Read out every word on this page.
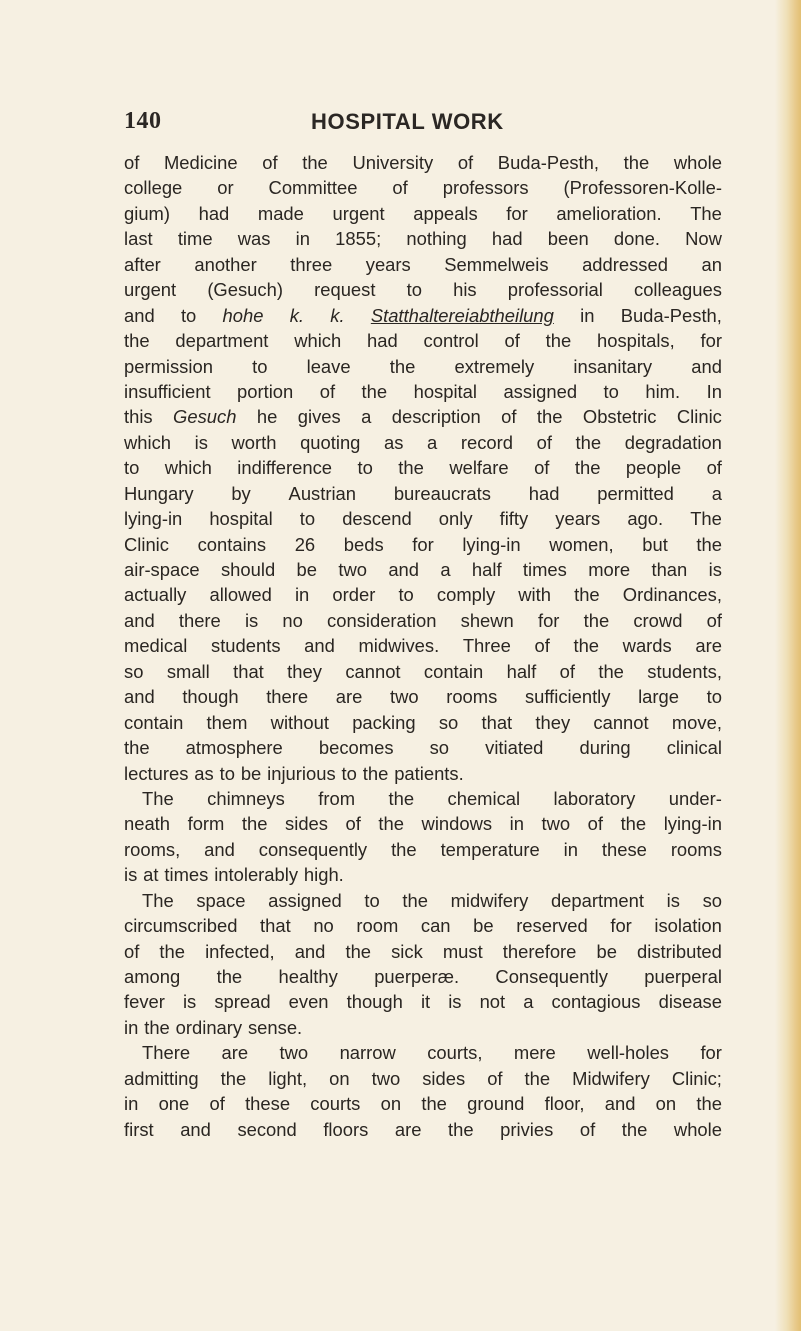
140	HOSPITAL WORK
of Medicine of the University of Buda-Pesth, the whole
college or Committee of professors (Professoren-Kolle-
gium) had made urgent appeals for amelioration. The
last time was in 1855; nothing had been done. Now
after another three years Semmelweis addressed an
urgent (Gesuch) request to his professorial colleagues
and to hohe k. k. Statthaltereiabtheilung in Buda-Pesth,
the department which had control of the hospitals, for
permission to leave the extremely insanitary and
insufficient portion of the hospital assigned to him. In
this Gesuch he gives a description of the Obstetric Clinic
which is worth quoting as a record of the degradation
to which indifference to the welfare of the people of
Hungary by Austrian bureaucrats had permitted a
lying-in hospital to descend only fifty years ago. The
Clinic contains 26 beds for lying-in women, but the
air-space should be two and a half times more than is
actually allowed in order to comply with the Ordinances,
and there is no consideration shewn for the crowd of
medical students and midwives. Three of the wards are
so small that they cannot contain half of the students,
and though there are two rooms sufficiently large to
contain them without packing so that they cannot move,
the atmosphere becomes so vitiated during clinical
lectures as to be injurious to the patients.
The chimneys from the chemical laboratory under-
neath form the sides of the windows in two of the lying-in
rooms, and consequently the temperature in these rooms
is at times intolerably high.
The space assigned to the midwifery department is so
circumscribed that no room can be reserved for isolation
of the infected, and the sick must therefore be distributed
among the healthy puerperæ. Consequently puerperal
fever is spread even though it is not a contagious disease
in the ordinary sense.
There are two narrow courts, mere well-holes for
admitting the light, on two sides of the Midwifery Clinic;
in one of these courts on the ground floor, and on the
first and second floors are the privies of the whole
